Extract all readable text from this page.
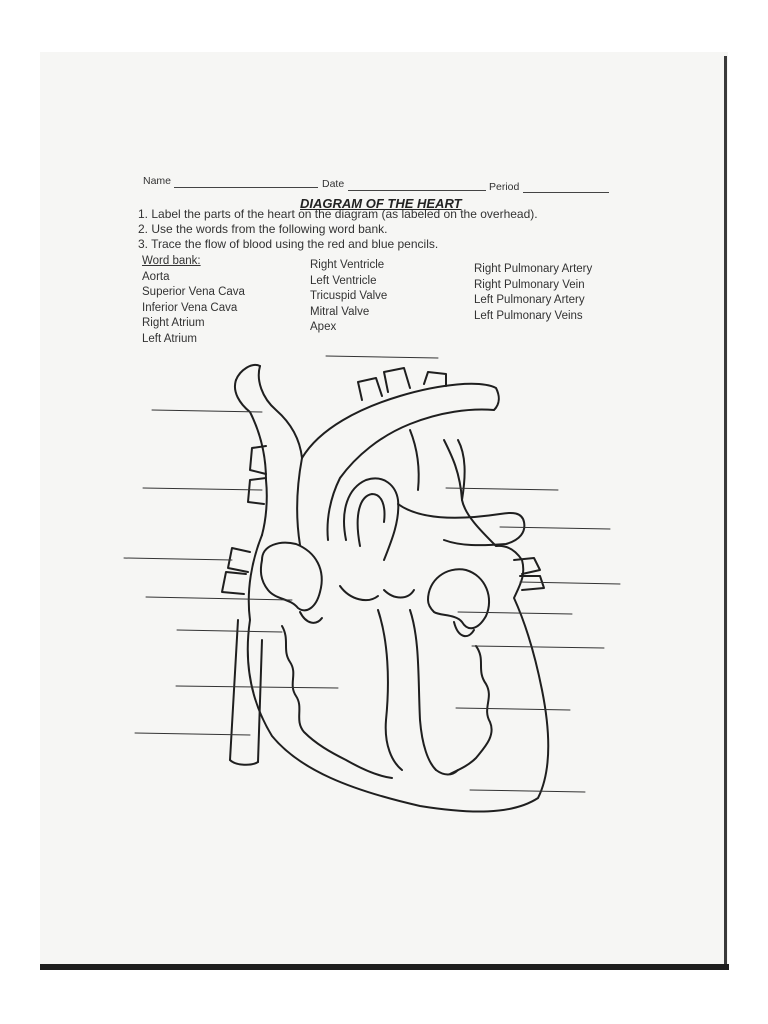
Name	Date	Period
DIAGRAM OF THE HEART
1. Label the parts of the heart on the diagram (as labeled on the overhead).
2. Use the words from the following word bank.
3. Trace the flow of blood using the red and blue pencils.
Word bank:
Aorta
Superior Vena Cava
Inferior Vena Cava
Right Atrium
Left Atrium
Right Ventricle
Left Ventricle
Tricuspid Valve
Mitral Valve
Apex
Right Pulmonary Artery
Right Pulmonary Vein
Left Pulmonary Artery
Left Pulmonary Veins
